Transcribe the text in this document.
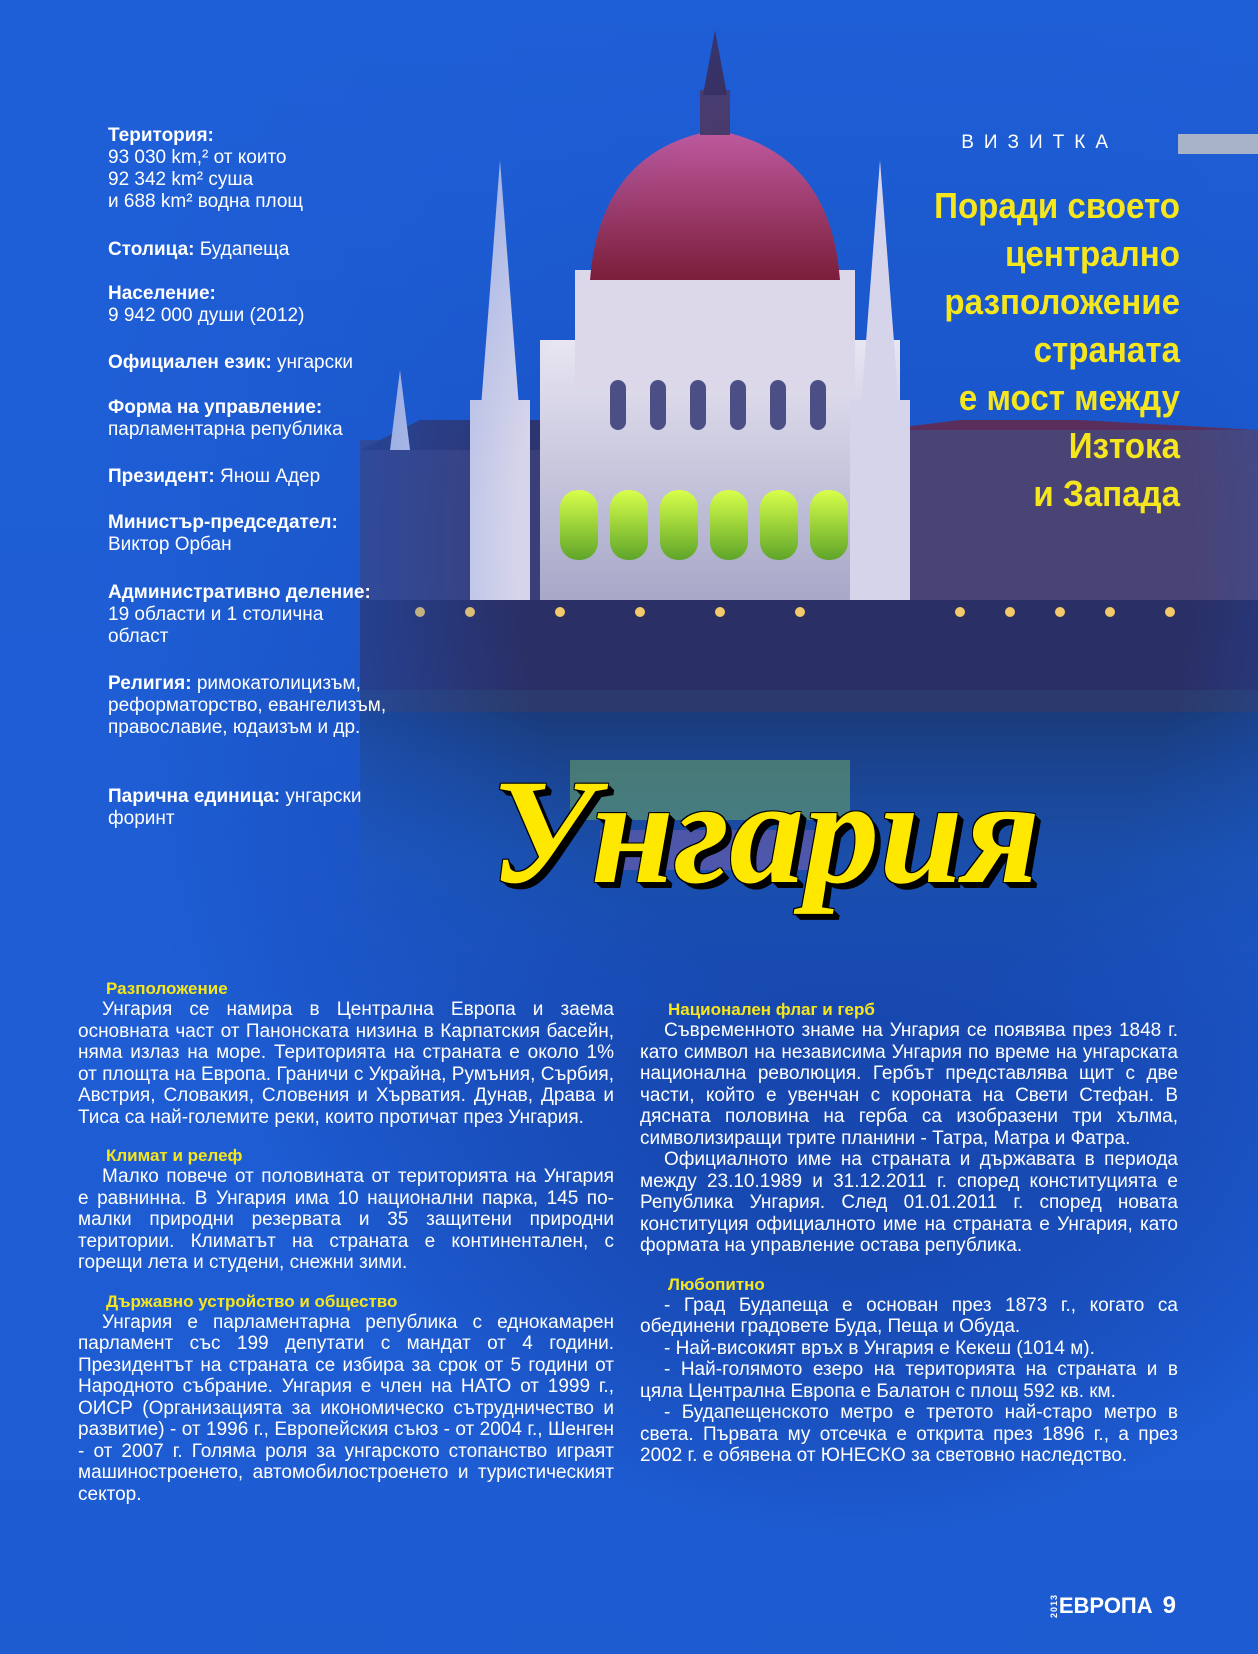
Територия:
93 030 km,² от които
92 342 km² суша
и 688 km² водна площ
Столица: Будапеща
Население:
9 942 000 души (2012)
Официален език: унгарски
Форма на управление:
парламентарна република
Президент: Янош Адер
Министър-председател:
Виктор Орбан
Административно деление:
19 области и 1 столична
област
Религия: римокатолицизъм, реформаторство, евангелизъм, православие, юдаизъм и др.
Парична единица: унгарски форинт
ВИЗИТКА
Поради своето
централно
разположение
страната
е мост между
Изтока
и Запада
Унгария
Разположение

Унгария се намира в Централна Европа и заема основната част от Панонската низина в Карпатския басейн, няма излаз на море. Територията на страната е около 1% от площта на Европа. Граничи с Украйна, Румъния, Сърбия, Австрия, Словакия, Словения и Хърватия. Дунав, Драва и Тиса са най-големите реки, които протичат през Унгария.

Климат и релеф

Малко повече от половината от територията на Унгария е равнинна. В Унгария има 10 национални парка, 145 по-малки природни резервата и 35 защитени природни територии. Климатът на страната е континентален, с горещи лета и студени, снежни зими.

Държавно устройство и общество

Унгария е парламентарна република с еднокамарен парламент със 199 депутати с мандат от 4 години. Президентът на страната се избира за срок от 5 години от Народното събрание. Унгария е член на НАТО от 1999 г., ОИСР (Организацията за икономическо сътрудничество и развитие) - от 1996 г., Европейския съюз - от 2004 г., Шенген - от 2007 г. Голяма роля за унгарското стопанство играят машиностроенето, автомобилостроенето и туристическият сектор.

Национален флаг и герб

Съвременното знаме на Унгария се появява през 1848 г. като символ на независима Унгария по време на унгарската национална революция. Гербът представлява щит с две части, който е увенчан с короната на Свети Стефан. В дясната половина на герба са изобразени три хълма, символизиращи трите планини - Татра, Матра и Фатра.

Официалното име на страната и държавата в периода между 23.10.1989 и 31.12.2011 г. според конституцията е Република Унгария. След 01.01.2011 г. според новата конституция официалното име на страната е Унгария, като формата на управление остава република.

Любопитно

- Град Будапеща е основан през 1873 г., когато са обединени градовете Буда, Пеща и Обуда.

- Най-високият връх в Унгария е Кекеш (1014 м).

- Най-голямото езеро на територията на страната и в цяла Централна Европа е Балатон с площ 592 кв. км.

- Будапещенското метро е третото най-старо метро в света. Първата му отсечка е открита през 1896 г., а през 2002 г. е обявена от ЮНЕСКО за световно наследство.

2013ЕВРОПА 9
